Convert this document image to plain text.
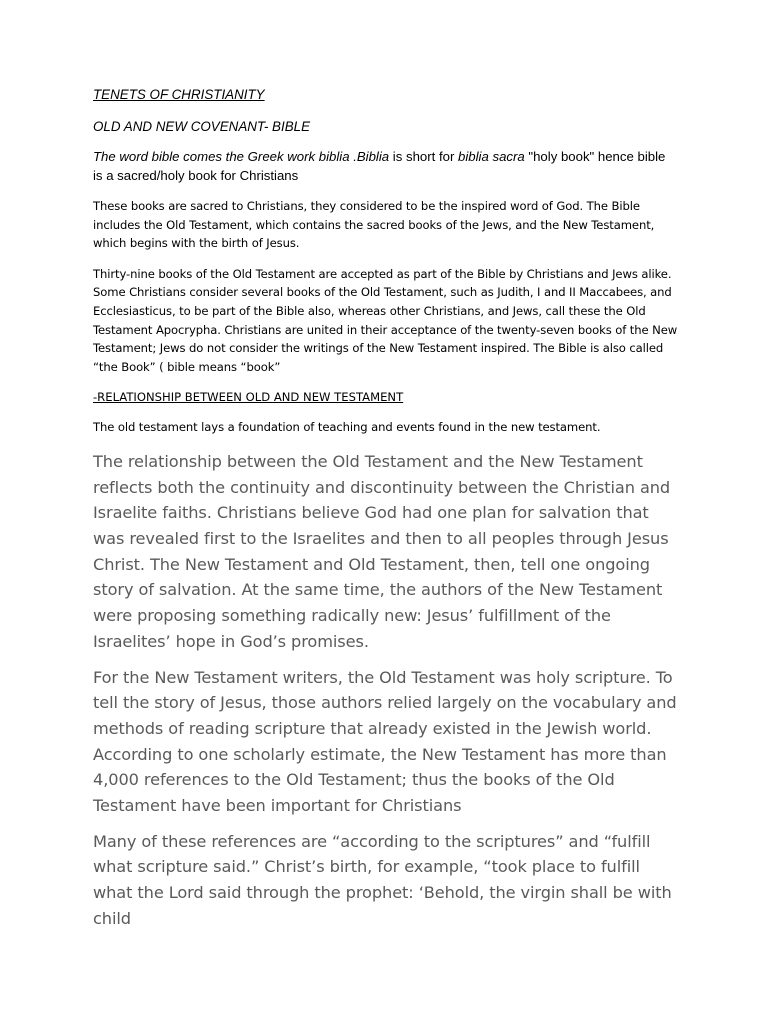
TENETS OF CHRISTIANITY

OLD AND NEW COVENANT- BIBLE

The word bible comes the Greek work biblia .Biblia is short for biblia sacra "holy book" hence bible is a sacred/holy book for Christians

These books are sacred to Christians, they considered to be the inspired word of God. The Bible includes the Old Testament, which contains the sacred books of the Jews, and the New Testament, which begins with the birth of Jesus.

Thirty-nine books of the Old Testament are accepted as part of the Bible by Christians and Jews alike. Some Christians consider several books of the Old Testament, such as Judith, I and II Maccabees, and Ecclesiasticus, to be part of the Bible also, whereas other Christians, and Jews, call these the Old Testament Apocrypha. Christians are united in their acceptance of the twenty-seven books of the New Testament; Jews do not consider the writings of the New Testament inspired. The Bible is also called “the Book” ( bible means “book”

-RELATIONSHIP BETWEEN OLD AND NEW TESTAMENT

The old testament lays a foundation of teaching and events found in the new testament.

The relationship between the Old Testament and the New Testament reflects both the continuity and discontinuity between the Christian and Israelite faiths. Christians believe God had one plan for salvation that was revealed first to the Israelites and then to all peoples through Jesus Christ. The New Testament and Old Testament, then, tell one ongoing story of salvation. At the same time, the authors of the New Testament were proposing something radically new: Jesus’ fulfillment of the Israelites’ hope in God’s promises.

For the New Testament writers, the Old Testament was holy scripture. To tell the story of Jesus, those authors relied largely on the vocabulary and methods of reading scripture that already existed in the Jewish world. According to one scholarly estimate, the New Testament has more than 4,000 references to the Old Testament; thus the books of the Old Testament have been important for Christians

Many of these references are “according to the scriptures” and “fulfill what scripture said.” Christ’s birth, for example, “took place to fulfill what the Lord said through the prophet: ‘Behold, the virgin shall be with child
